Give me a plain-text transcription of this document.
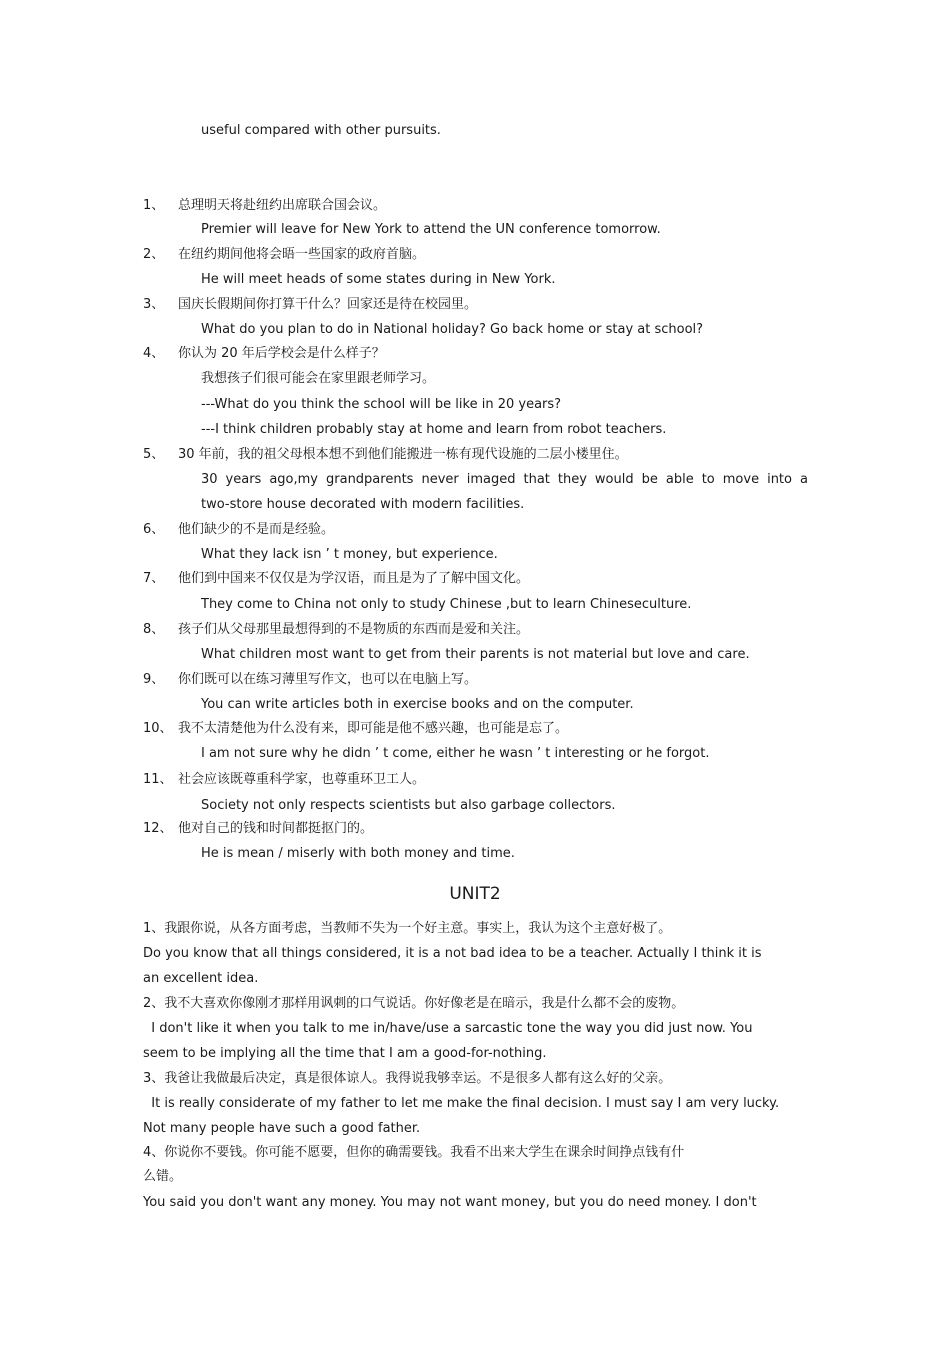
useful compared with other pursuits.
1、 总理明天将赴纽约出席联合国会议。
Premier will leave for New York to attend the UN conference tomorrow.
2、 在纽约期间他将会晤一些国家的政府首脑。
He will meet heads of some states during in New York.
3、 国庆长假期间你打算干什么？回家还是待在校园里。
What do you plan to do in National holiday? Go back home or stay at school?
4、 你认为 20 年后学校会是什么样子？
我想孩子们很可能会在家里跟老师学习。
---What do you think the school will be like in 20 years?
---I think children probably stay at home and learn from robot teachers.
5、 30 年前，我的祖父母根本想不到他们能搬进一栋有现代设施的二层小楼里住。
30 years ago,my grandparents never imaged that they would be able to move into a
two-store house decorated with modern facilities.
6、 他们缺少的不是而是经验。
What they lack isn ’ t money, but experience.
7、 他们到中国来不仅仅是为学汉语，而且是为了了解中国文化。
They come to China not only to study Chinese ,but to learn Chineseculture.
8、 孩子们从父母那里最想得到的不是物质的东西而是爱和关注。
What children most want to get from their parents is not material but love and care.
9、 你们既可以在练习薄里写作文，也可以在电脑上写。
You can write articles both in exercise books and on the computer.
10、 我不太清楚他为什么没有来，即可能是他不感兴趣，也可能是忘了。
I am not sure why he didn ’ t come, either he wasn ’ t interesting or he forgot.
11、 社会应该既尊重科学家，也尊重环卫工人。
Society not only respects scientists but also garbage collectors.
12、 他对自己的钱和时间都挺抠门的。
He is mean / miserly with both money and time.
UNIT2
1、我跟你说，从各方面考虑，当教师不失为一个好主意。事实上，我认为这个主意好极了。
Do you know that all things considered, it is a not bad idea to be a teacher. Actually I think it is
an excellent idea.
2、我不大喜欢你像刚才那样用讽刺的口气说话。你好像老是在暗示，我是什么都不会的废物。
I don't like it when you talk to me in/have/use a sarcastic tone the way you did just now. You
seem to be implying all the time that I am a good-for-nothing.
3、我爸让我做最后决定，真是很体谅人。我得说我够幸运。不是很多人都有这么好的父亲。
It is really considerate of my father to let me make the final decision. I must say I am very lucky.
Not many people have such a good father.
4、你说你不要钱。你可能不愿要，但你的确需要钱。我看不出来大学生在课余时间挣点钱有什
么错。
You said you don't want any money. You may not want money, but you do need money. I don't
